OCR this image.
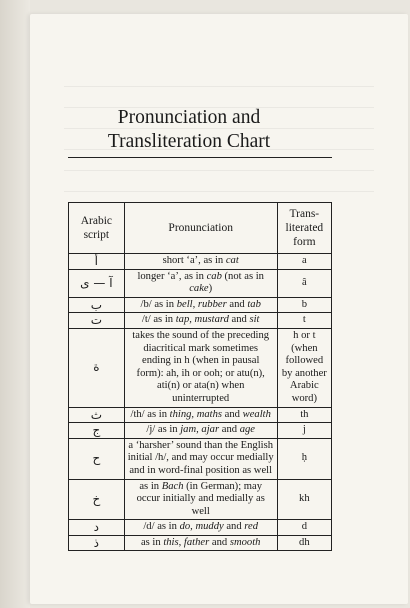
Pronunciation and
Transliteration Chart
Arabic script	Pronunciation	Trans-literated form
أ	short ‘a’, as in cat	a
آ — ى	longer ‘a’, as in cab (not as in cake)	â
ب	/b/ as in bell, rubber and tab	b
ت	/t/ as in tap, mustard and sit	t
ة	takes the sound of the preceding diacritical mark sometimes ending in h (when in pausal form): ah, ih or ooh; or atu(n), ati(n) or ata(n) when uninterrupted	h or t (when followed by another Arabic word)
ث	/th/ as in thing, maths and wealth	th
ج	/j/ as in jam, ajar and age	j
ح	a ‘harsher’ sound than the English initial /h/, and may occur medially and in word-final position as well	ḥ
خ	as in Bach (in German); may occur initially and medially as well	kh
د	/d/ as in do, muddy and red	d
ذ	as in this, father and smooth	dh
